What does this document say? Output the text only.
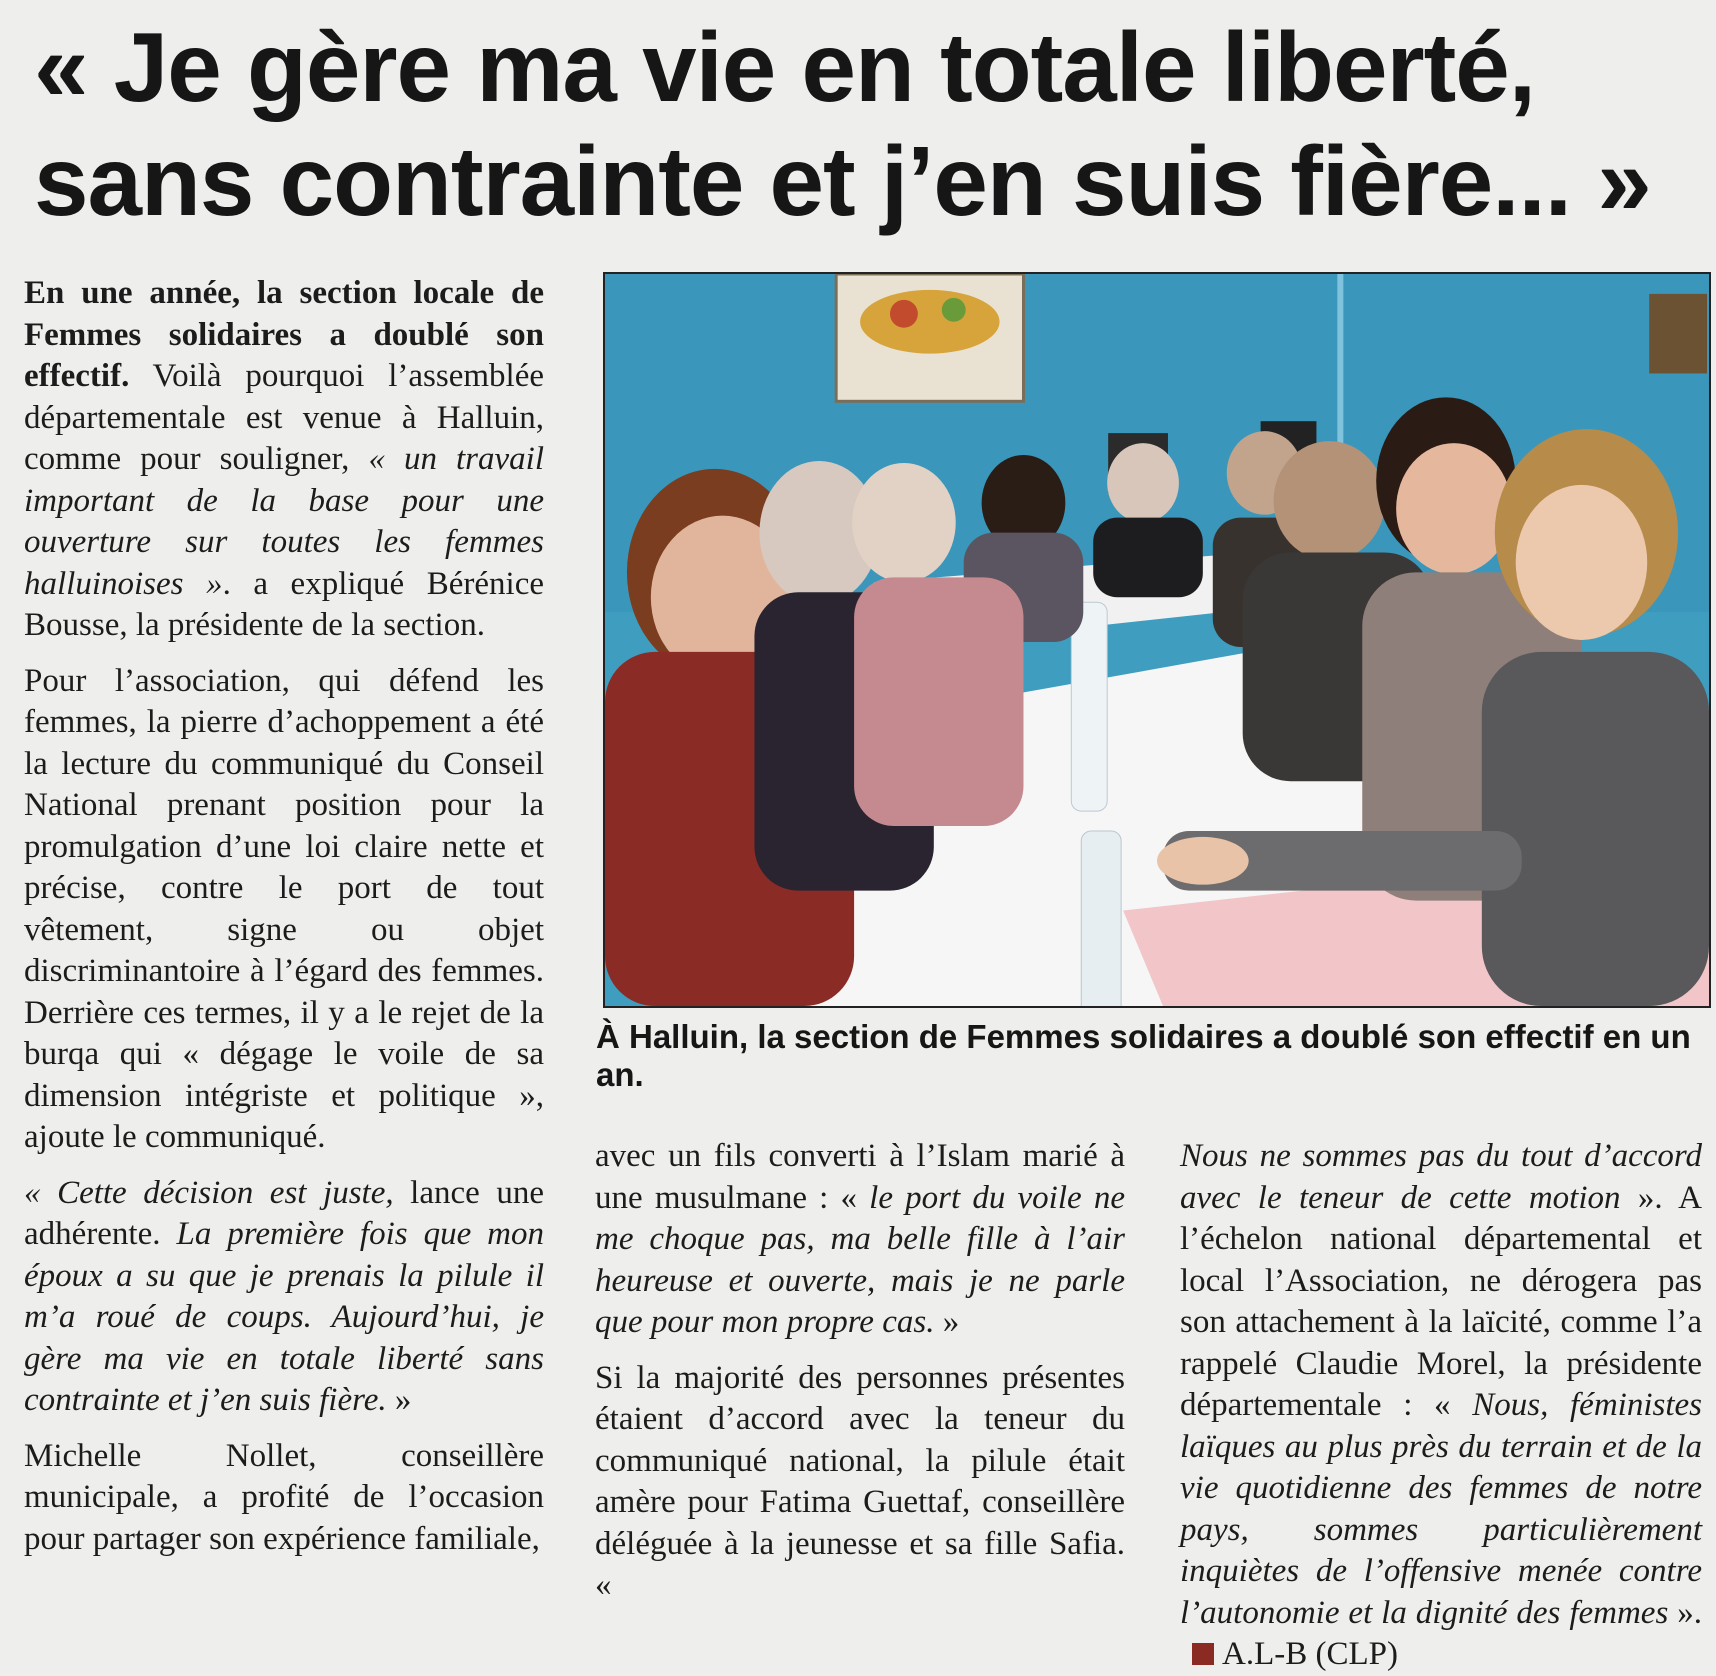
« Je gère ma vie en totale liberté,
sans contrainte et j’en suis fière... »

En une année, la section locale de Femmes solidaires a doublé son effectif. Voilà pourquoi l’assemblée départementale est venue à Halluin, comme pour souligner, « un travail important de la base pour une ouverture sur toutes les femmes halluinoises ». a expliqué Bérénice Bousse, la présidente de la section.

Pour l’association, qui défend les femmes, la pierre d’achoppement a été la lecture du communiqué du Conseil National prenant position pour la promulgation d’une loi claire nette et précise, contre le port de tout vêtement, signe ou objet discriminantoire à l’égard des femmes. Derrière ces termes, il y a le rejet de la burqa qui « dégage le voile de sa dimension intégriste et politique », ajoute le communiqué.

« Cette décision est juste, lance une adhérente. La première fois que mon époux a su que je prenais la pilule il m’a roué de coups. Aujourd’hui, je gère ma vie en totale liberté sans contrainte et j’en suis fière. »

Michelle Nollet, conseillère municipale, a profité de l’occasion pour partager son expérience familiale,

À Halluin, la section de Femmes solidaires a doublé son effectif en un an.

avec un fils converti à l’Islam marié à une musulmane : « le port du voile ne me choque pas, ma belle fille à l’air heureuse et ouverte, mais je ne parle que pour mon propre cas. »

Si la majorité des personnes présentes étaient d’accord avec la teneur du communiqué national, la pilule était amère pour Fatima Guettaf, conseillère déléguée à la jeunesse et sa fille Safia. «

Nous ne sommes pas du tout d’accord avec le teneur de cette motion ». A l’échelon national départemental et local l’Association, ne dérogera pas son attachement à la laïcité, comme l’a rappelé Claudie Morel, la présidente départementale : « Nous, féministes laïques au plus près du terrain et de la vie quotidienne des femmes de notre pays, sommes particulièrement inquiètes de l’offensive menée contre l’autonomie et la dignité des femmes ».A.L-B (CLP)
